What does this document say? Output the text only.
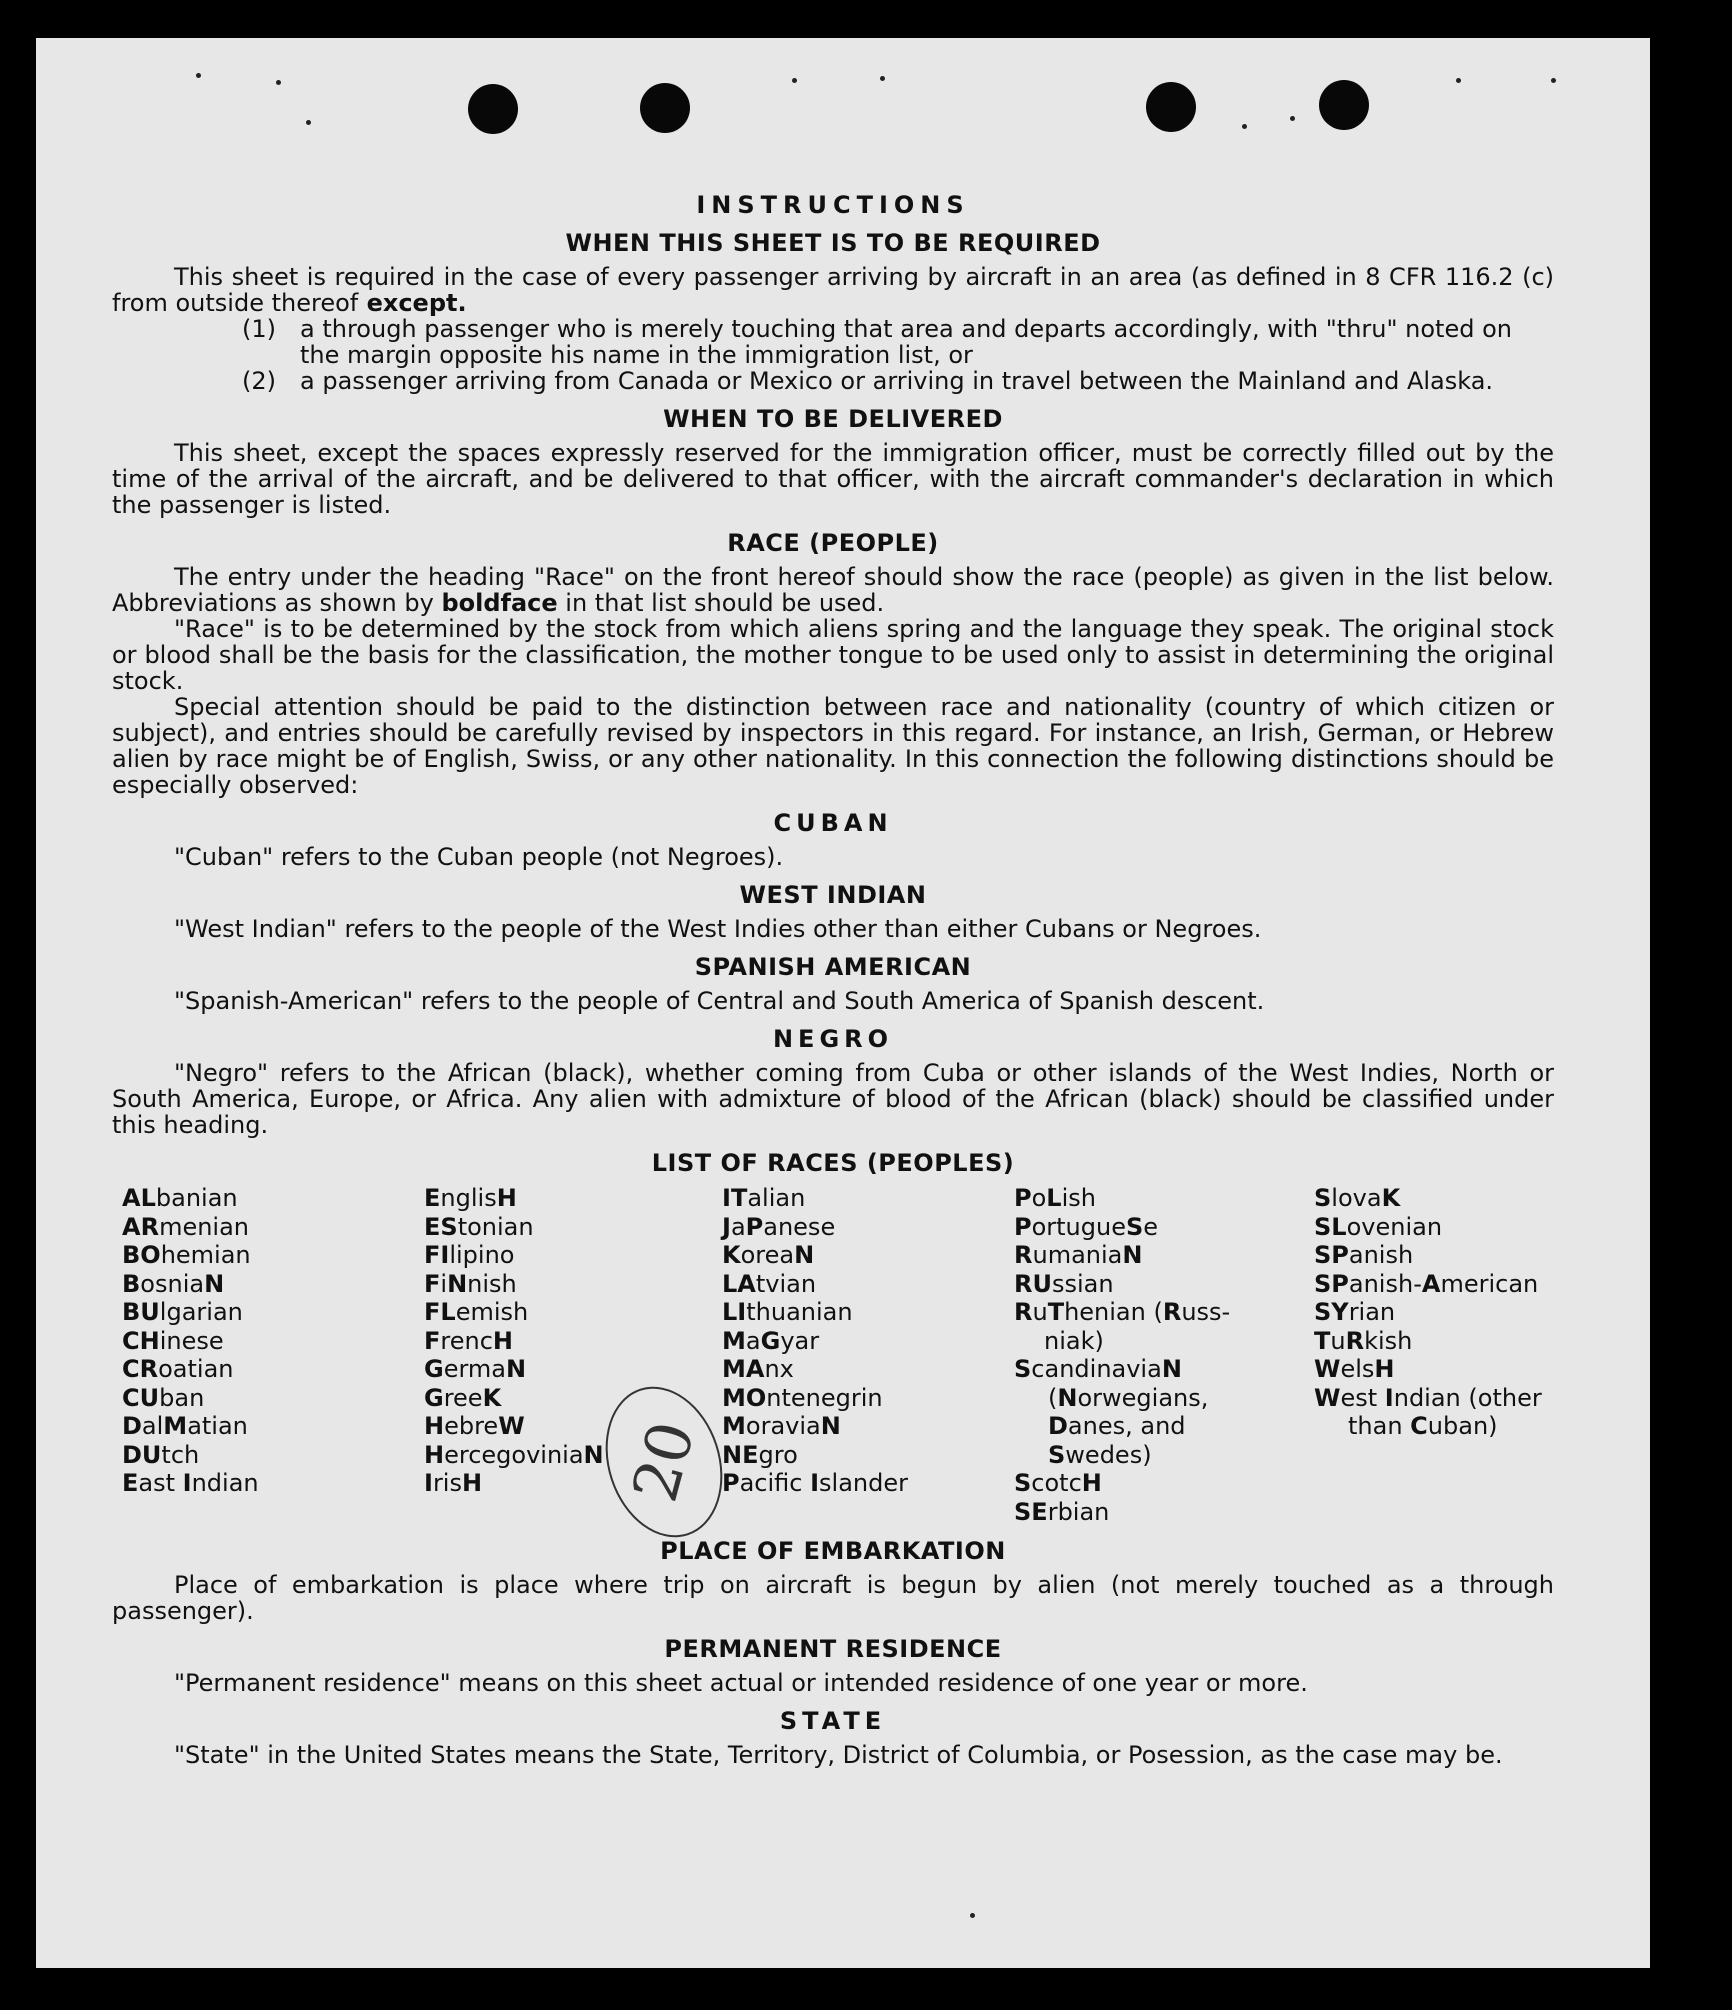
INSTRUCTIONS
WHEN THIS SHEET IS TO BE REQUIRED

This sheet is required in the case of every passenger arriving by aircraft in an area (as defined in 8 CFR 116.2 (c) from outside thereof except.

(1)	a through passenger who is merely touching that area and departs accordingly, with "thru" noted on the margin opposite his name in the immigration list, or
(2)	a passenger arriving from Canada or Mexico or arriving in travel between the Mainland and Alaska.
WHEN TO BE DELIVERED

This sheet, except the spaces expressly reserved for the immigration officer, must be correctly filled out by the time of the arrival of the aircraft, and be delivered to that officer, with the aircraft commander's declaration in which the passenger is listed.

RACE (PEOPLE)

The entry under the heading "Race" on the front hereof should show the race (people) as given in the list below. Abbreviations as shown by boldface in that list should be used.

"Race" is to be determined by the stock from which aliens spring and the language they speak. The original stock or blood shall be the basis for the classification, the mother tongue to be used only to assist in determining the original stock.

Special attention should be paid to the distinction between race and nationality (country of which citizen or subject), and entries should be carefully revised by inspectors in this regard. For instance, an Irish, German, or Hebrew alien by race might be of English, Swiss, or any other nationality. In this connection the following distinctions should be especially observed:

CUBAN

"Cuban" refers to the Cuban people (not Negroes).

WEST INDIAN

"West Indian" refers to the people of the West Indies other than either Cubans or Negroes.

SPANISH AMERICAN

"Spanish-American" refers to the people of Central and South America of Spanish descent.

NEGRO

"Negro" refers to the African (black), whether coming from Cuba or other islands of the West Indies, North or South America, Europe, or Africa. Any alien with admixture of blood of the African (black) should be classified under this heading.

LIST OF RACES (PEOPLES)
ALbanian
ARmenian
BOhemian
BosniaN
BUlgarian
CHinese
CRoatian
CUban
DalMatian
DUtch
East Indian
EnglisH
EStonian
FIlipino
FiNnish
FLemish
FrencH
GermaN
GreeK
HebreW
HercegoviniaN
IrisH
ITalian
JaPanese
KoreaN
LAtvian
LIthuanian
MaGyar
MAnx
MOntenegrin
MoraviaN
NEgro
Pacific Islander
PoLish
PortugueSe
RumaniaN
RUssian
RuThenian (Russ-
niak)
ScandinaviaN
(Norwegians,
Danes, and
Swedes)
ScotcH
SErbian
SlovaK
SLovenian
SPanish
SPanish-American
SYrian
TuRkish
WelsH
West Indian (other
than Cuban)
PLACE OF EMBARKATION

Place of embarkation is place where trip on aircraft is begun by alien (not merely touched as a through passenger).

PERMANENT RESIDENCE

"Permanent residence" means on this sheet actual or intended residence of one year or more.

STATE

"State" in the United States means the State, Territory, District of Columbia, or Posession, as the case may be.

20
